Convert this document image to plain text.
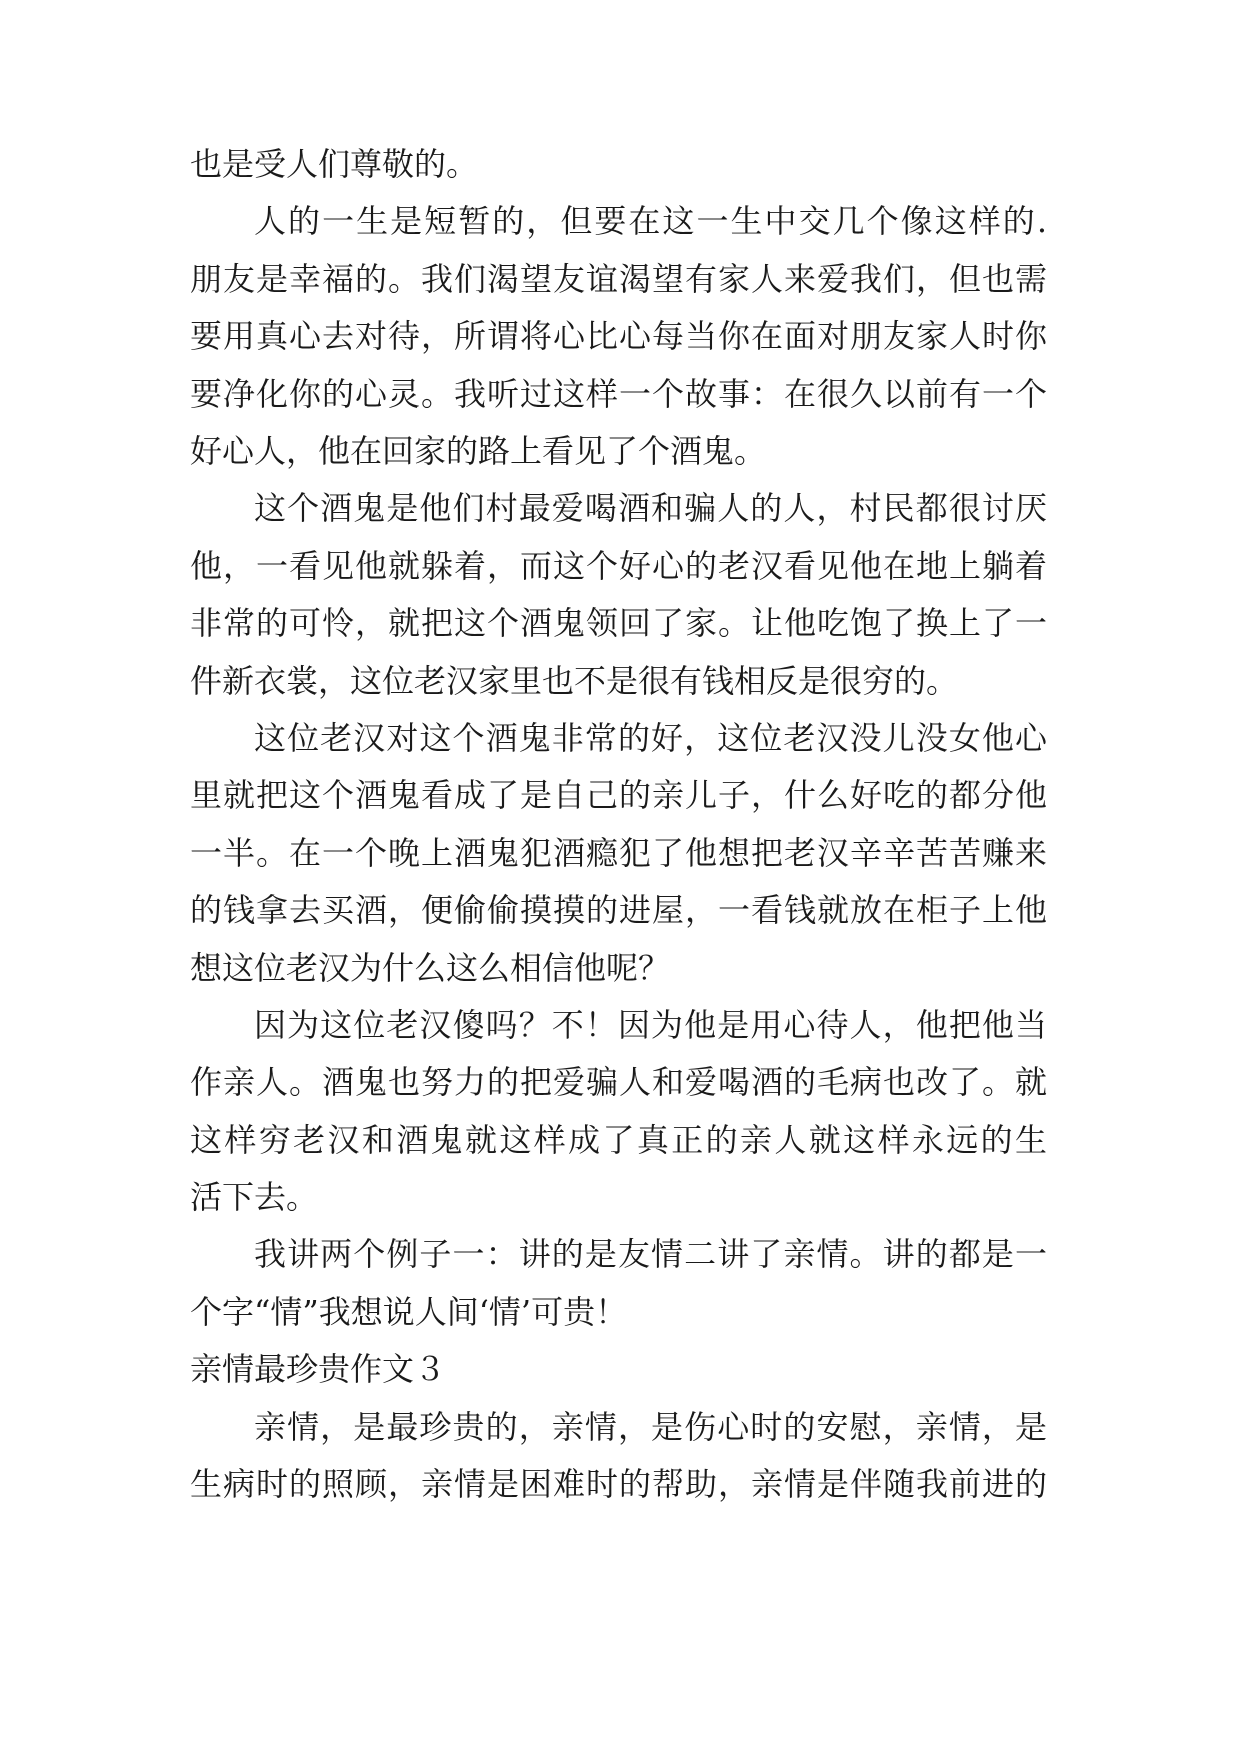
也是受人们尊敬的。
人的一生是短暂的，但要在这一生中交几个像这样的.
朋友是幸福的。我们渴望友谊渴望有家人来爱我们，但也需
要用真心去对待，所谓将心比心每当你在面对朋友家人时你
要净化你的心灵。我听过这样一个故事：在很久以前有一个
好心人，他在回家的路上看见了个酒鬼。
这个酒鬼是他们村最爱喝酒和骗人的人，村民都很讨厌
他，一看见他就躲着，而这个好心的老汉看见他在地上躺着
非常的可怜，就把这个酒鬼领回了家。让他吃饱了换上了一
件新衣裳，这位老汉家里也不是很有钱相反是很穷的。
这位老汉对这个酒鬼非常的好，这位老汉没儿没女他心
里就把这个酒鬼看成了是自己的亲儿子，什么好吃的都分他
一半。在一个晚上酒鬼犯酒瘾犯了他想把老汉辛辛苦苦赚来
的钱拿去买酒，便偷偷摸摸的进屋，一看钱就放在柜子上他
想这位老汉为什么这么相信他呢？
因为这位老汉傻吗？不！因为他是用心待人，他把他当
作亲人。酒鬼也努力的把爱骗人和爱喝酒的毛病也改了。就
这样穷老汉和酒鬼就这样成了真正的亲人就这样永远的生
活下去。
我讲两个例子一：讲的是友情二讲了亲情。讲的都是一
个字“情”我想说人间‘情’可贵！
亲情最珍贵作文３
亲情，是最珍贵的，亲情，是伤心时的安慰，亲情，是
生病时的照顾，亲情是困难时的帮助，亲情是伴随我前进的
